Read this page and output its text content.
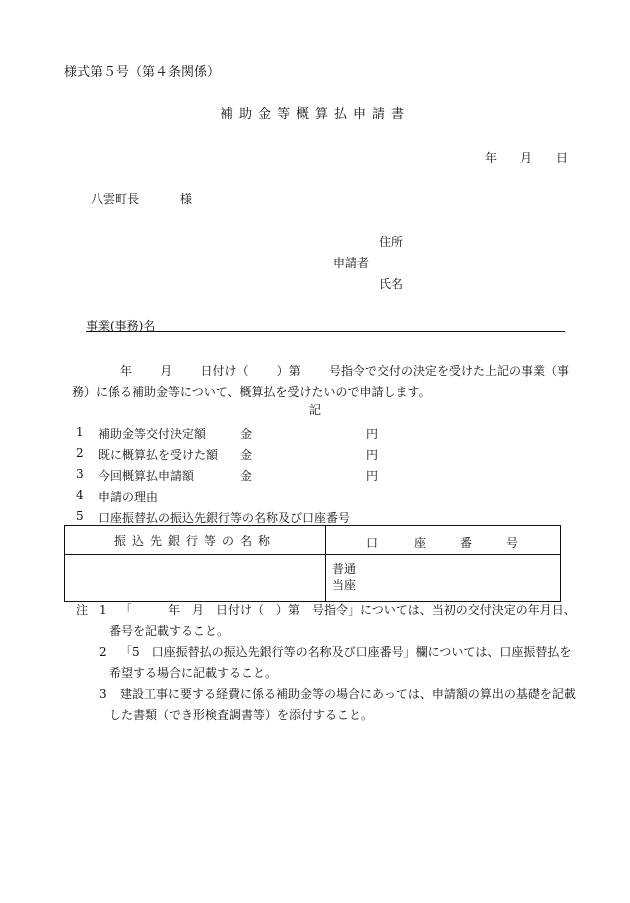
様式第５号（第４条関係）
補助金等概算払申請書
年 月 日
八雲町長	様
住所
申請者
氏名
事業(事務)名
年 月 日付け（ ）第 号指令で交付の決定を受けた上記の事業（事
務）に係る補助金等について、概算払を受けたいので申請します。
記
1 補助金等交付決定額	金	円
2 既に概算払を受けた額 金	円
3 今回概算払申請額	金	円
4 申請の理由
5 口座振替払の振込先銀行等の名称及び口座番号
振込先銀行等の名称	口 座 番 号

	普通
当座
注 1 「　　　年　月　日付け（　）第　号指令」については、当初の交付決定の年月日、
番号を記載すること。
2 「5　口座振替払の振込先銀行等の名称及び口座番号」欄については、口座振替払を
希望する場合に記載すること。
3 建設工事に要する経費に係る補助金等の場合にあっては、申請額の算出の基礎を記載
した書類（でき形検査調書等）を添付すること。
